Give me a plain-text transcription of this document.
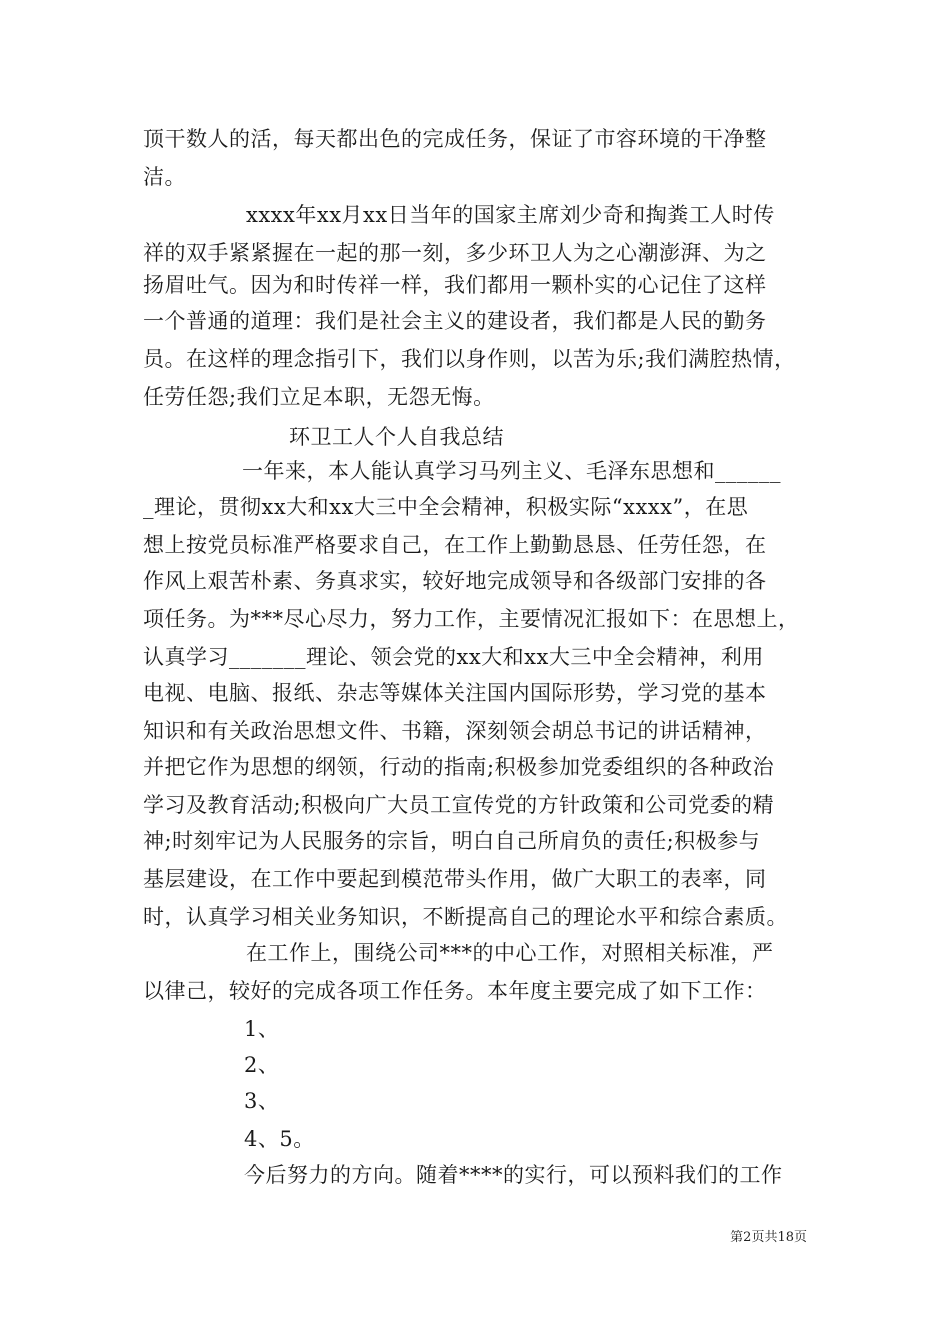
顶干数人的活，每天都出色的完成任务，保证了市容环境的干净整
洁。
xxxx年xx月xx日当年的国家主席刘少奇和掏粪工人时传
祥的双手紧紧握在一起的那一刻，多少环卫人为之心潮澎湃、为之
扬眉吐气。因为和时传祥一样，我们都用一颗朴实的心记住了这样
一个普通的道理：我们是社会主义的建设者，我们都是人民的勤务
员。在这样的理念指引下，我们以身作则，以苦为乐;我们满腔热情，
任劳任怨;我们立足本职，无怨无悔。
环卫工人个人自我总结
一年来，本人能认真学习马列主义、毛泽东思想和______
_理论，贯彻xx大和xx大三中全会精神，积极实际“xxxx”，在思
想上按党员标准严格要求自己，在工作上勤勤恳恳、任劳任怨，在
作风上艰苦朴素、务真求实，较好地完成领导和各级部门安排的各
项任务。为***尽心尽力，努力工作，主要情况汇报如下：在思想上，
认真学习_______理论、领会党的xx大和xx大三中全会精神，利用
电视、电脑、报纸、杂志等媒体关注国内国际形势，学习党的基本
知识和有关政治思想文件、书籍，深刻领会胡总书记的讲话精神，
并把它作为思想的纲领，行动的指南;积极参加党委组织的各种政治
学习及教育活动;积极向广大员工宣传党的方针政策和公司党委的精
神;时刻牢记为人民服务的宗旨，明白自己所肩负的责任;积极参与
基层建设，在工作中要起到模范带头作用，做广大职工的表率，同
时，认真学习相关业务知识，不断提高自己的理论水平和综合素质。
在工作上，围绕公司***的中心工作，对照相关标准，严
以律己，较好的完成各项工作任务。本年度主要完成了如下工作：
1、
2、
3、
4、5。
今后努力的方向。随着****的实行，可以预料我们的工作
第2页共18页
